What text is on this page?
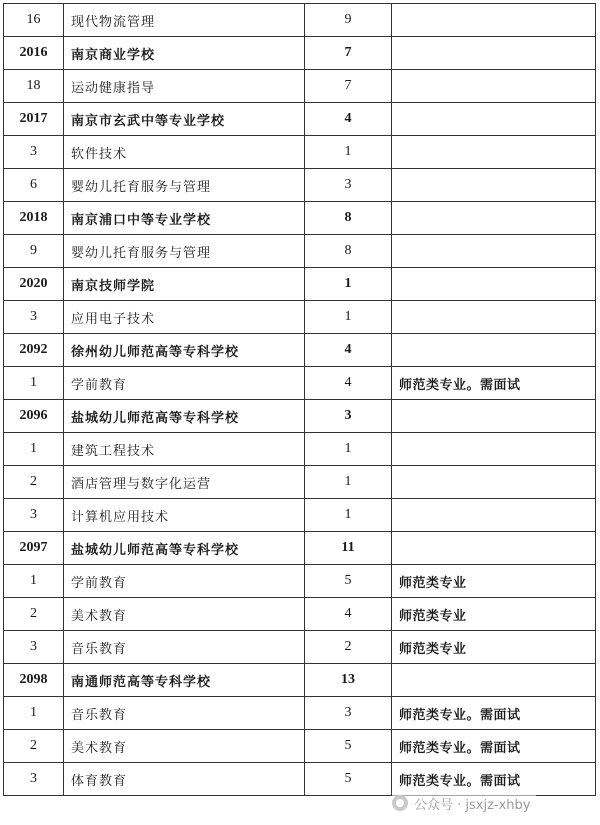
16	现代物流管理	9	
2016	南京商业学校	7	
18	运动健康指导	7	
2017	南京市玄武中等专业学校	4	
3	软件技术	1	
6	婴幼儿托育服务与管理	3	
2018	南京浦口中等专业学校	8	
9	婴幼儿托育服务与管理	8	
2020	南京技师学院	1	
3	应用电子技术	1	
2092	徐州幼儿师范高等专科学校	4	
1	学前教育	4	师范类专业。需面试
2096	盐城幼儿师范高等专科学校	3	
1	建筑工程技术	1	
2	酒店管理与数字化运营	1	
3	计算机应用技术	1	
2097	盐城幼儿师范高等专科学校	11	
1	学前教育	5	师范类专业
2	美术教育	4	师范类专业
3	音乐教育	2	师范类专业
2098	南通师范高等专科学校	13	
1	音乐教育	3	师范类专业。需面试
2	美术教育	5	师范类专业。需面试
3	体育教育	5	师范类专业。需面试
公众号 · jsxjz-xhby
